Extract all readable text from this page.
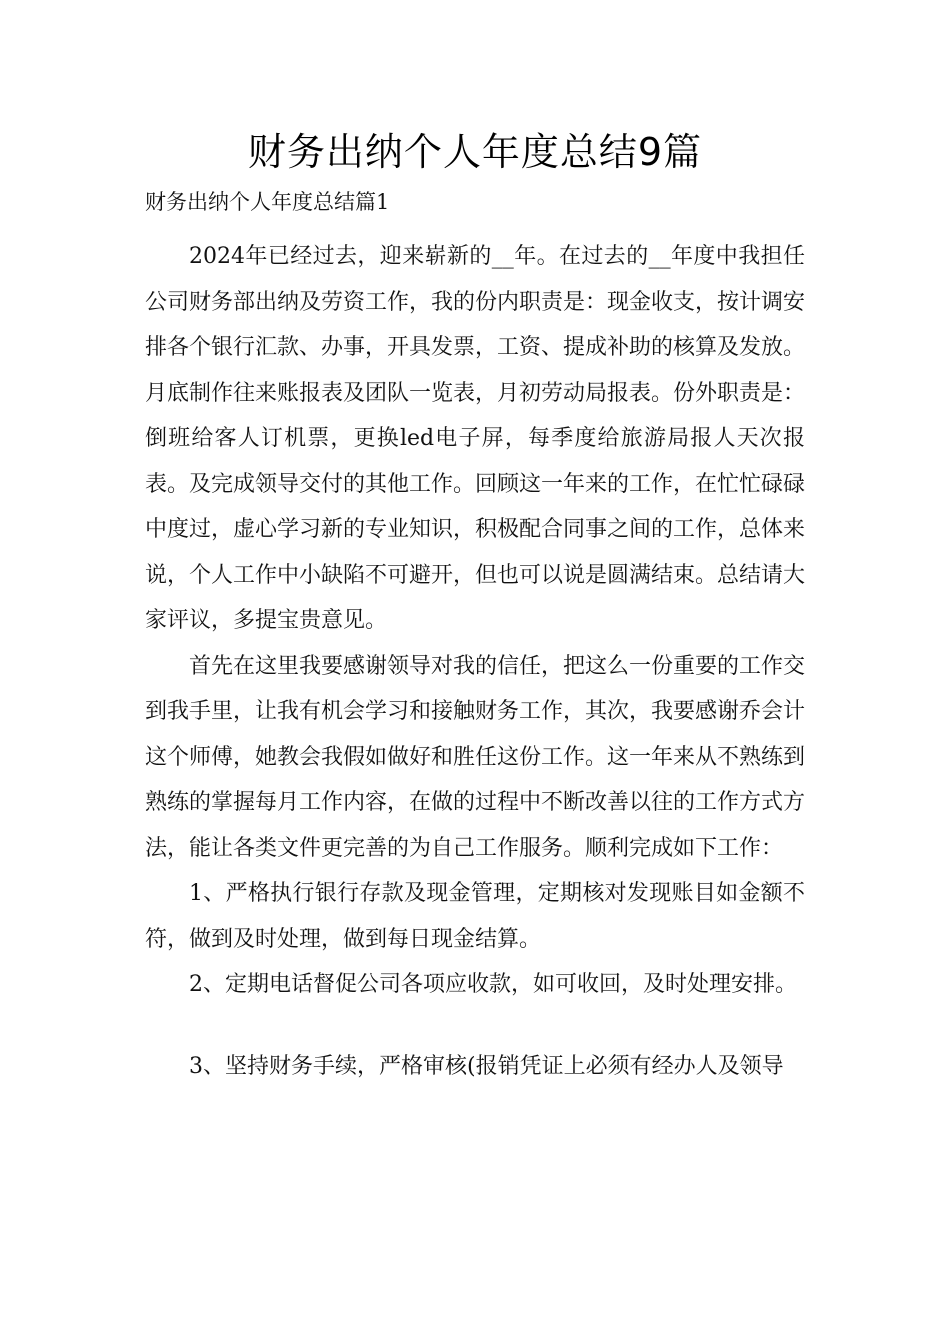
财务出纳个人年度总结9篇

财务出纳个人年度总结篇1

2024年已经过去，迎来崭新的__年。在过去的__年度中我担任公司财务部出纳及劳资工作，我的份内职责是：现金收支，按计调安排各个银行汇款、办事，开具发票，工资、提成补助的核算及发放。月底制作往来账报表及团队一览表，月初劳动局报表。份外职责是：倒班给客人订机票，更换led电子屏，每季度给旅游局报人天次报表。及完成领导交付的其他工作。回顾这一年来的工作，在忙忙碌碌中度过，虚心学习新的专业知识，积极配合同事之间的工作，总体来说，个人工作中小缺陷不可避开，但也可以说是圆满结束。总结请大家评议，多提宝贵意见。

首先在这里我要感谢领导对我的信任，把这么一份重要的工作交到我手里，让我有机会学习和接触财务工作，其次，我要感谢乔会计这个师傅，她教会我假如做好和胜任这份工作。这一年来从不熟练到熟练的掌握每月工作内容，在做的过程中不断改善以往的工作方式方法，能让各类文件更完善的为自己工作服务。顺利完成如下工作：

1、严格执行银行存款及现金管理，定期核对发现账目如金额不符，做到及时处理，做到每日现金结算。

2、定期电话督促公司各项应收款，如可收回，及时处理安排。

3、坚持财务手续，严格审核(报销凭证上必须有经办人及领导
